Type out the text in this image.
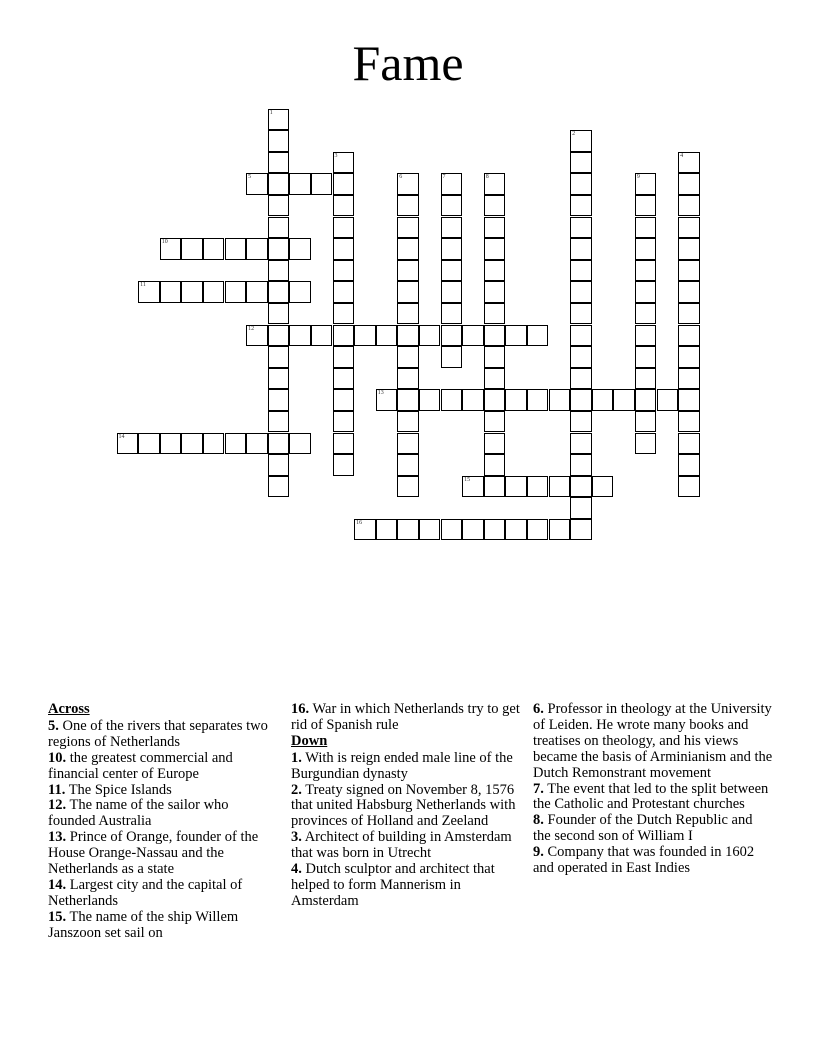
Fame
1
2
3	4
5	6	7	8	9
10
11
12
13
14
15
16
Across

5. One of the rivers that separates two regions of Netherlands

10. the greatest commercial and financial center of Europe

11. The Spice Islands

12. The name of the sailor who founded Australia

13. Prince of Orange, founder of the House Orange-Nassau and the Netherlands as a state

14. Largest city and the capital of Netherlands

15. The name of the ship Willem Janszoon set sail on

16. War in which Netherlands try to get rid of Spanish rule

Down

1. With is reign ended male line of the Burgundian dynasty

2. Treaty signed on November 8, 1576 that united Habsburg Netherlands with provinces of Holland and Zeeland

3. Architect of building in Amsterdam that was born in Utrecht

4. Dutch sculptor and architect that helped to form Mannerism in Amsterdam

6. Professor in theology at the University of Leiden. He wrote many books and treatises on theology, and his views became the basis of Arminianism and the Dutch Remonstrant movement

7. The event that led to the split between the Catholic and Protestant churches

8. Founder of the Dutch Republic and the second son of William I

9. Company that was founded in 1602 and operated in East Indies
